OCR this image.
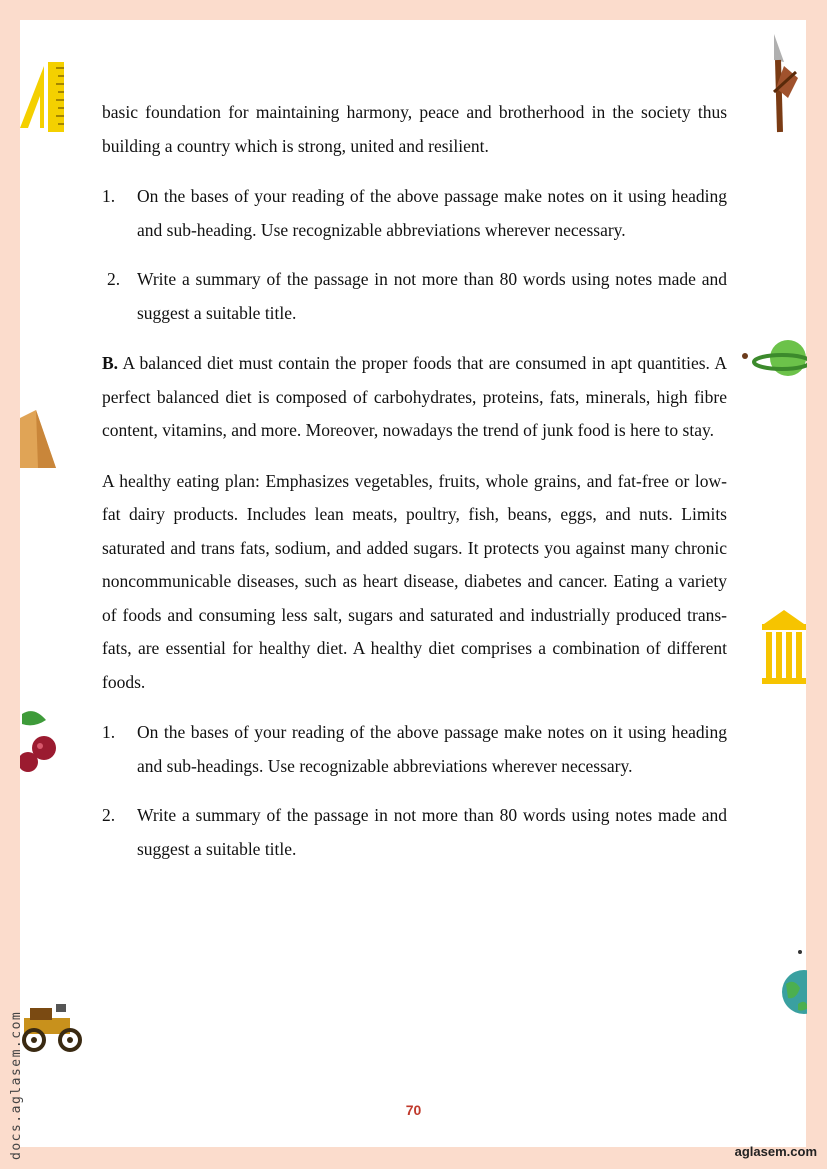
basic foundation for maintaining harmony, peace and brotherhood in the society thus building a country which is strong, united and resilient.

1. On the bases of your reading of the above passage make notes on it using heading and sub-heading. Use recognizable abbreviations wherever necessary.
2. Write a summary of the passage in not more than 80 words using notes made and suggest a suitable title.

B. A balanced diet must contain the proper foods that are consumed in apt quantities. A perfect balanced diet is composed of carbohydrates, proteins, fats, minerals, high fibre content, vitamins, and more. Moreover, nowadays the trend of junk food is here to stay.

A healthy eating plan: Emphasizes vegetables, fruits, whole grains, and fat-free or low-fat dairy products. Includes lean meats, poultry, fish, beans, eggs, and nuts. Limits saturated and trans fats, sodium, and added sugars. It protects you against many chronic noncommunicable diseases, such as heart disease, diabetes and cancer. Eating a variety of foods and consuming less salt, sugars and saturated and industrially produced trans-fats, are essential for healthy diet. A healthy diet comprises a combination of different foods.

1. On the bases of your reading of the above passage make notes on it using heading and sub-headings. Use recognizable abbreviations wherever necessary.
2. Write a summary of the passage in not more than 80 words using notes made and suggest a suitable title.
70
docs.aglasem.com	aglasem.com
